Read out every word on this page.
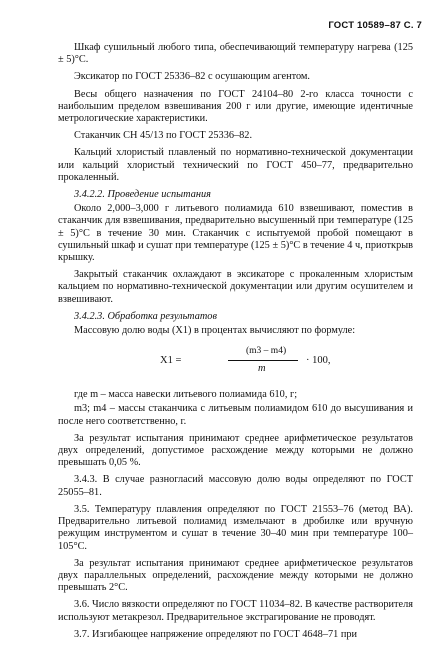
ГОСТ 10589–87 С. 7

Шкаф сушильный любого типа, обеспечивающий температуру нагрева (125 ± 5)°С.

Эксикатор по ГОСТ 25336–82 с осушающим агентом.

Весы общего назначения по ГОСТ 24104–80 2-го класса точности с наибольшим пределом взвешивания 200 г или другие, имеющие идентичные метрологические характеристики.

Стаканчик СН 45/13 по ГОСТ 25336–82.

Кальций хлористый плавленый по нормативно-технической документации или кальций хлористый технический по ГОСТ 450–77, предварительно прокаленный.

3.4.2.2. Проведение испытания

Около 2,000–3,000 г литьевого полиамида 610 взвешивают, поместив в стаканчик для взвешивания, предварительно высушенный при температуре (125 ± 5)°С в течение 30 мин. Стаканчик с испытуемой пробой помещают в сушильный шкаф и сушат при температуре (125 ± 5)°С в течение 4 ч, приоткрыв крышку.

Закрытый стаканчик охлаждают в эксикаторе с прокаленным хлористым кальцием по нормативно-технической документации или другим осушителем и взвешивают.

3.4.2.3. Обработка результатов

Массовую долю воды (X1) в процентах вычисляют по формуле:

X1 =
(m3 – m4)
m
· 100,

где m – масса навески литьевого полиамида 610, г;

m3; m4 – массы стаканчика с литьевым полиамидом 610 до высушивания и после него соответственно, г.

За результат испытания принимают среднее арифметическое результатов двух определений, допустимое расхождение между которыми не должно превышать 0,05 %.

3.4.3. В случае разногласий массовую долю воды определяют по ГОСТ 25055–81.

3.5. Температуру плавления определяют по ГОСТ 21553–76 (метод ВА). Предварительно литьевой полиамид измельчают в дробилке или вручную режущим инструментом и сушат в течение 30–40 мин при температуре 100–105°С.

За результат испытания принимают среднее арифметическое результатов двух параллельных определений, расхождение между которыми не должно превышать 2°С.

3.6. Число вязкости определяют по ГОСТ 11034–82. В качестве растворителя используют метакрезол. Предварительное экстрагирование не проводят.

3.7. Изгибающее напряжение определяют по ГОСТ 4648–71 при
